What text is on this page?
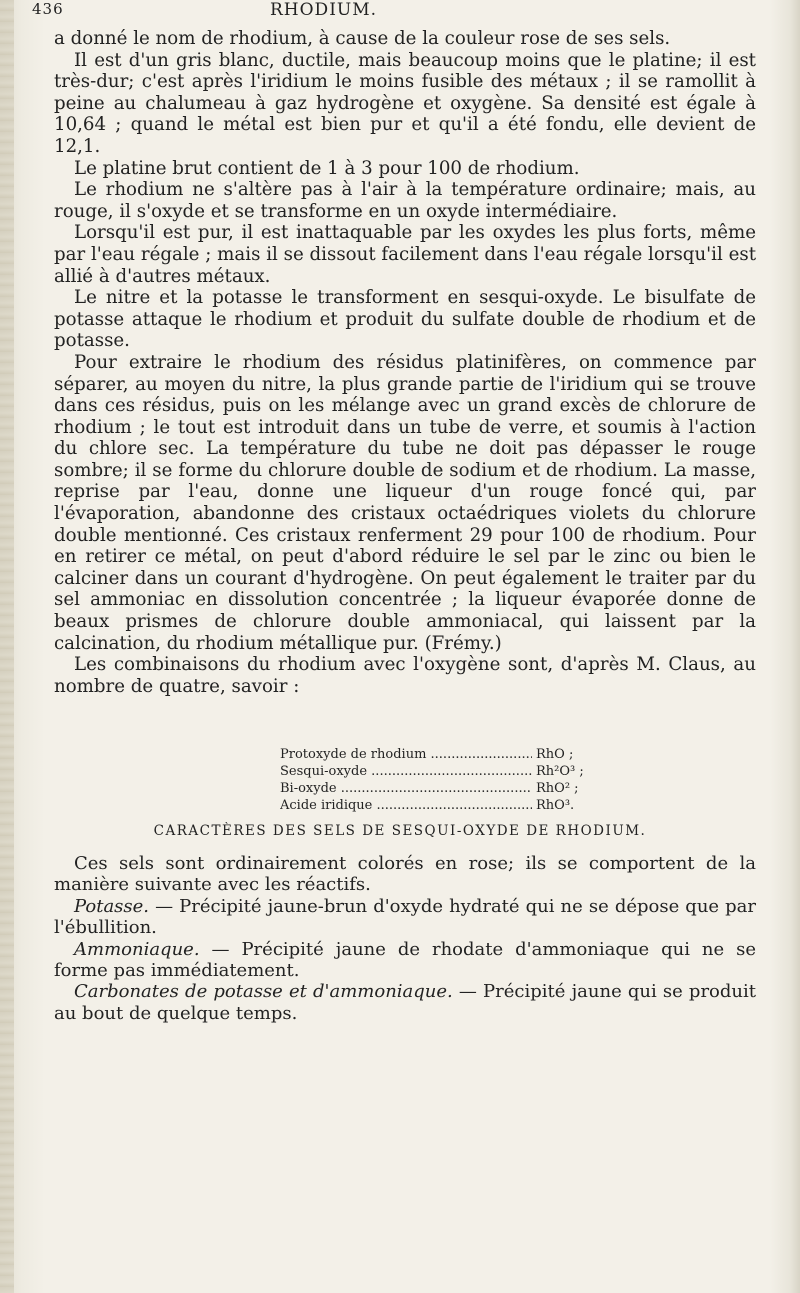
436	RHODIUM.

a donné le nom de rhodium, à cause de la couleur rose de ses sels.

Il est d'un gris blanc, ductile, mais beaucoup moins que le platine; il est très-dur; c'est après l'iridium le moins fusible des métaux ; il se ramollit à peine au chalumeau à gaz hydrogène et oxygène. Sa densité est égale à 10,64 ; quand le métal est bien pur et qu'il a été fondu, elle devient de 12,1.

Le platine brut contient de 1 à 3 pour 100 de rhodium.

Le rhodium ne s'altère pas à l'air à la température ordinaire; mais, au rouge, il s'oxyde et se transforme en un oxyde intermédiaire.

Lorsqu'il est pur, il est inattaquable par les oxydes les plus forts, même par l'eau régale ; mais il se dissout facilement dans l'eau régale lorsqu'il est allié à d'autres métaux.

Le nitre et la potasse le transforment en sesqui-oxyde. Le bisulfate de potasse attaque le rhodium et produit du sulfate double de rhodium et de potasse.

Pour extraire le rhodium des résidus platinifères, on commence par séparer, au moyen du nitre, la plus grande partie de l'iridium qui se trouve dans ces résidus, puis on les mélange avec un grand excès de chlorure de rhodium ; le tout est introduit dans un tube de verre, et soumis à l'action du chlore sec. La température du tube ne doit pas dépasser le rouge sombre; il se forme du chlorure double de sodium et de rhodium. La masse, reprise par l'eau, donne une liqueur d'un rouge foncé qui, par l'évaporation, abandonne des cristaux octaédriques violets du chlorure double mentionné. Ces cristaux renferment 29 pour 100 de rhodium. Pour en retirer ce métal, on peut d'abord réduire le sel par le zinc ou bien le calciner dans un courant d'hydrogène. On peut également le traiter par du sel ammoniac en dissolution concentrée ; la liqueur évaporée donne de beaux prismes de chlorure double ammoniacal, qui laissent par la calcination, du rhodium métallique pur. (Frémy.)

Les combinaisons du rhodium avec l'oxygène sont, d'après M. Claus, au nombre de quatre, savoir :

Protoxyde de rhodium .....	RhO ;
Sesqui-oxyde .....	Rh²O³ ;
Bi-oxyde .....	RhO² ;
Acide iridique .....	RhO³.
CARACTÈRES DES SELS DE SESQUI-OXYDE DE RHODIUM.

Ces sels sont ordinairement colorés en rose; ils se comportent de la manière suivante avec les réactifs.

Potasse. — Précipité jaune-brun d'oxyde hydraté qui ne se dépose que par l'ébullition.

Ammoniaque. — Précipité jaune de rhodate d'ammoniaque qui ne se forme pas immédiatement.

Carbonates de potasse et d'ammoniaque. — Précipité jaune qui se produit au bout de quelque temps.
